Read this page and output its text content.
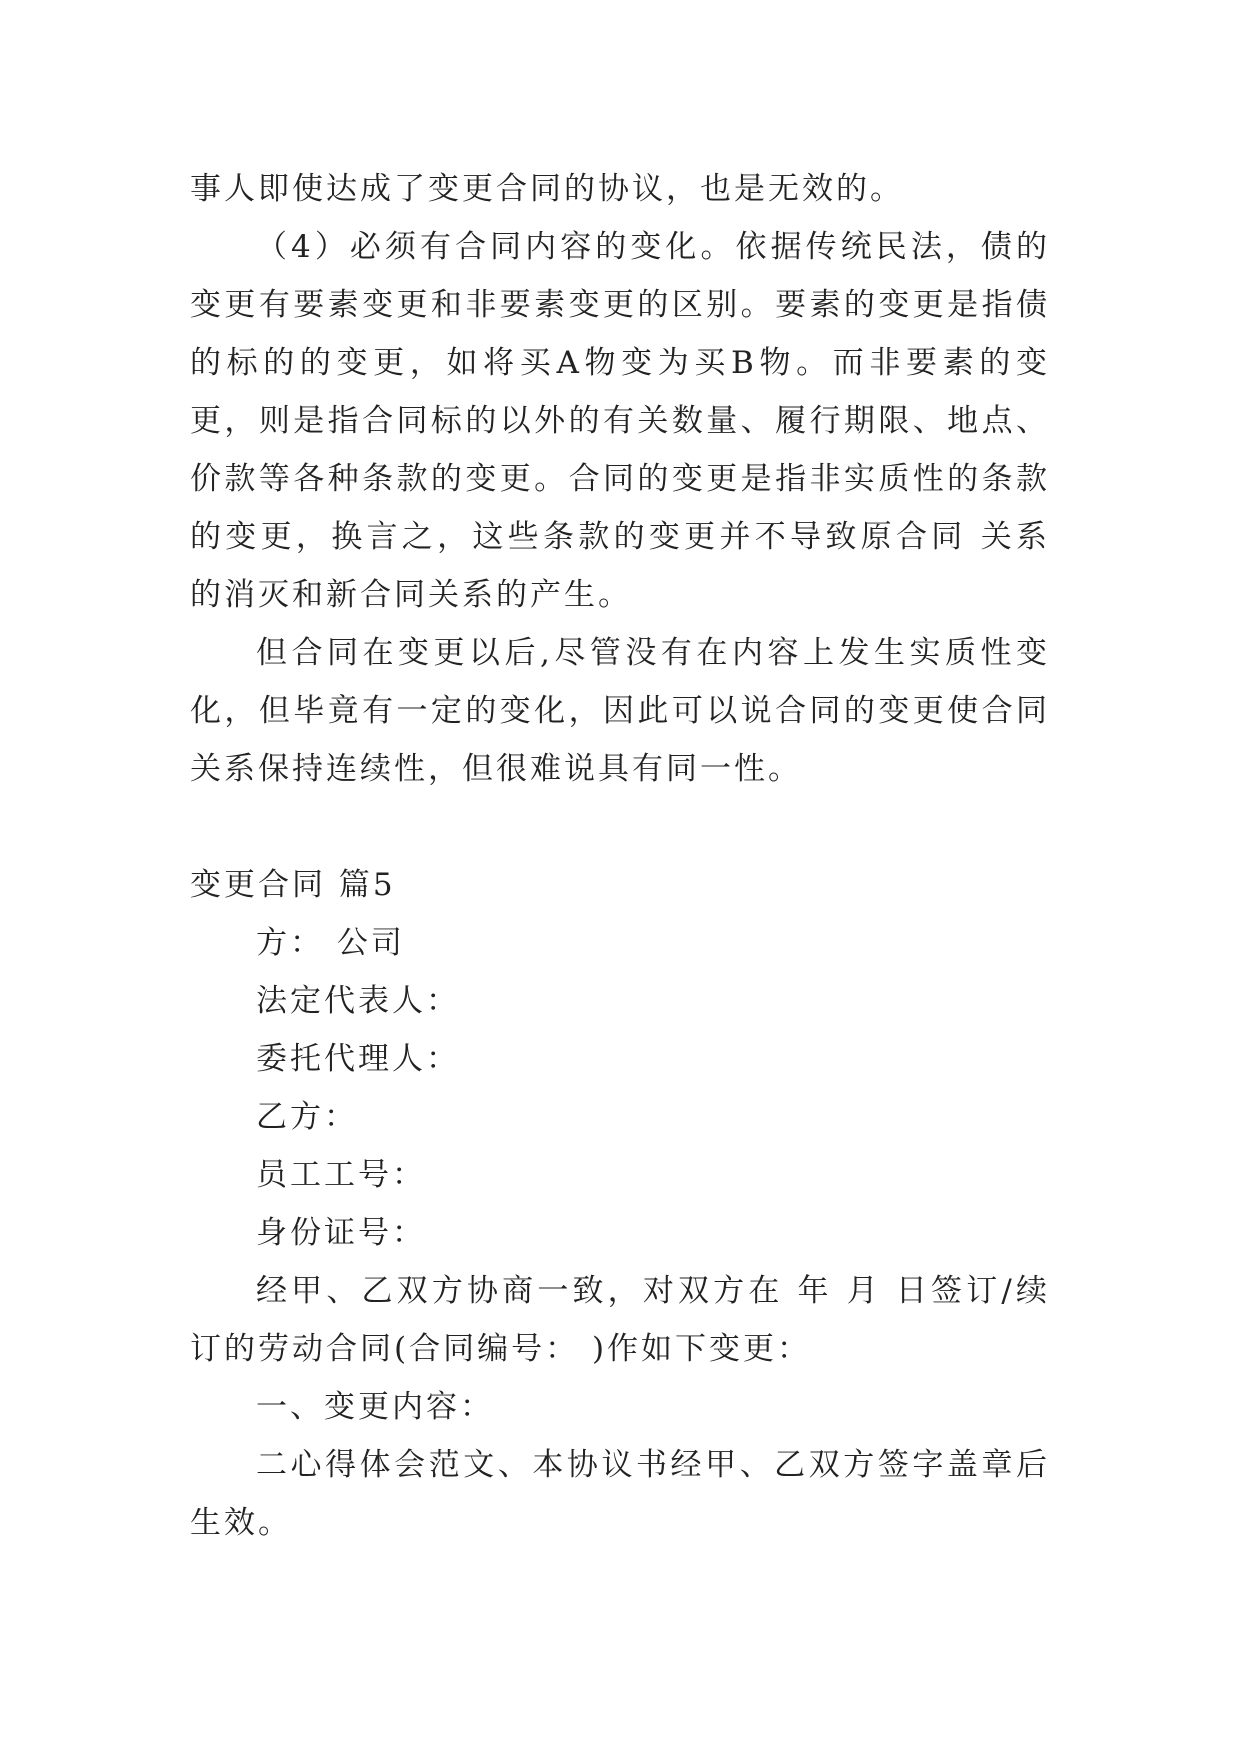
事人即使达成了变更合同的协议，也是无效的。

（4）必须有合同内容的变化。依据传统民法，债的变更有要素变更和非要素变更的区别。要素的变更是指债的标的的变更，如将买A物变为买B物。而非要素的变 更，则是指合同标的以外的有关数量、履行期限、地点、价款等各种条款的变更。合同的变更是指非实质性的条款的变更，换言之，这些条款的变更并不导致原合同 关系的消灭和新合同关系的产生。

但合同在变更以后,尽管没有在内容上发生实质性变化，但毕竟有一定的变化，因此可以说合同的变更使合同关系保持连续性，但很难说具有同一性。

变更合同 篇5

方： 公司

法定代表人：

委托代理人：

乙方：

员工工号：

身份证号：

经甲、乙双方协商一致，对双方在 年 月 日签订/续订的劳动合同(合同编号： )作如下变更：

一、变更内容：

二心得体会范文、本协议书经甲、乙双方签字盖章后生效。
